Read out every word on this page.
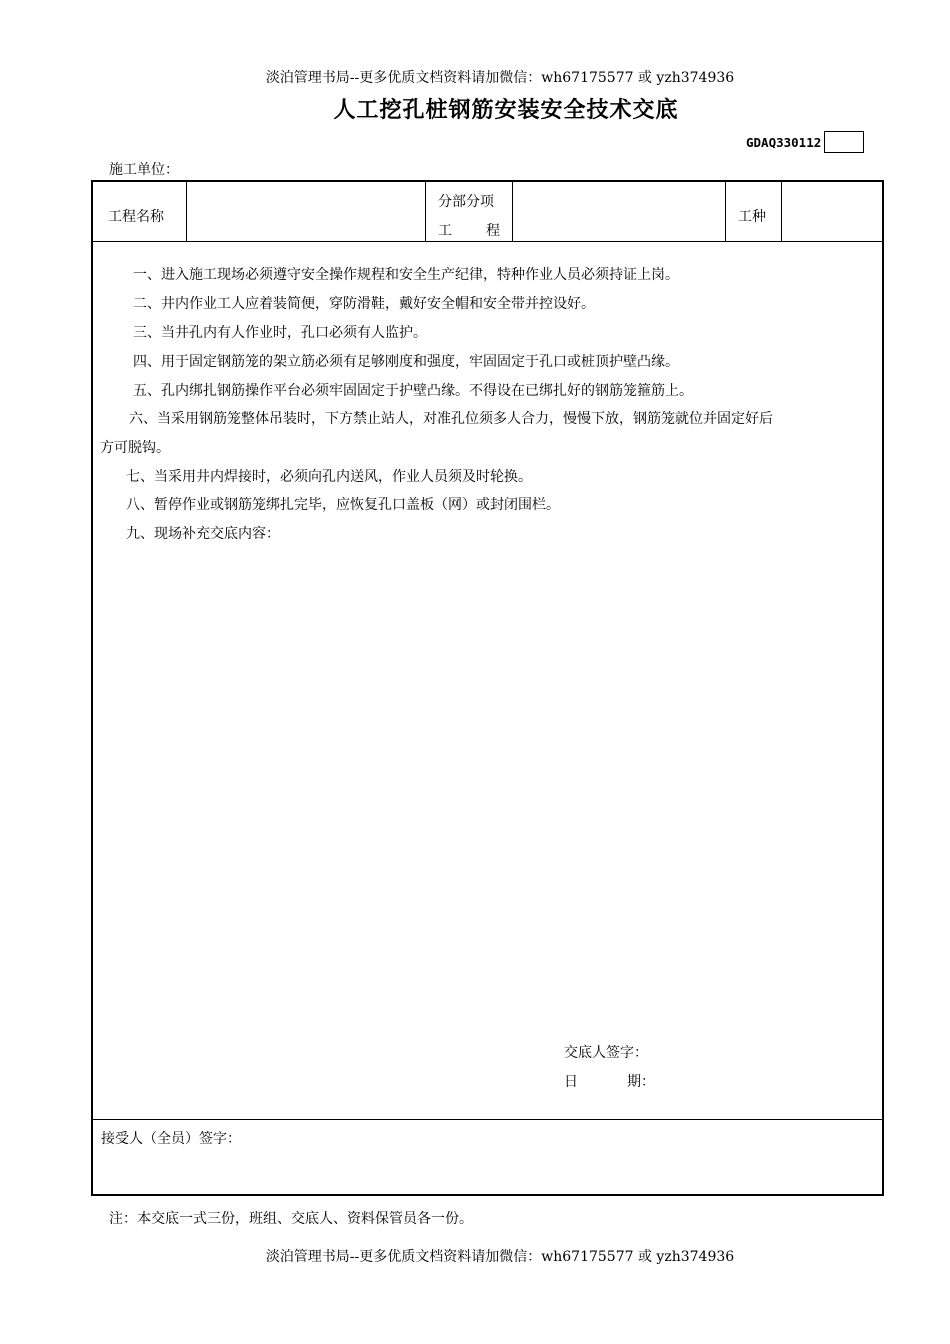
淡泊管理书局--更多优质文档资料请加微信：wh67175577 或 yzh374936
人工挖孔桩钢筋安装安全技术交底
GDAQ330112
施工单位：
工程名称
分部分项
工 程
工种
一、进入施工现场必须遵守安全操作规程和安全生产纪律，特种作业人员必须持证上岗。
二、井内作业工人应着装简便，穿防滑鞋，戴好安全帽和安全带并控设好。
三、当井孔内有人作业时，孔口必须有人监护。
四、用于固定钢筋笼的架立筋必须有足够刚度和强度，牢固固定于孔口或桩顶护壁凸缘。
五、孔内绑扎钢筋操作平台必须牢固固定于护壁凸缘。不得设在已绑扎好的钢筋笼箍筋上。
六、当采用钢筋笼整体吊装时，下方禁止站人，对准孔位须多人合力，慢慢下放，钢筋笼就位并固定好后
方可脱钩。
七、当采用井内焊接时，必须向孔内送风，作业人员须及时轮换。
八、暂停作业或钢筋笼绑扎完毕，应恢复孔口盖板（网）或封闭围栏。
九、现场补充交底内容：
交底人签字：
日	期：
接受人（全员）签字：
注：本交底一式三份，班组、交底人、资料保管员各一份。
淡泊管理书局--更多优质文档资料请加微信：wh67175577 或 yzh374936
